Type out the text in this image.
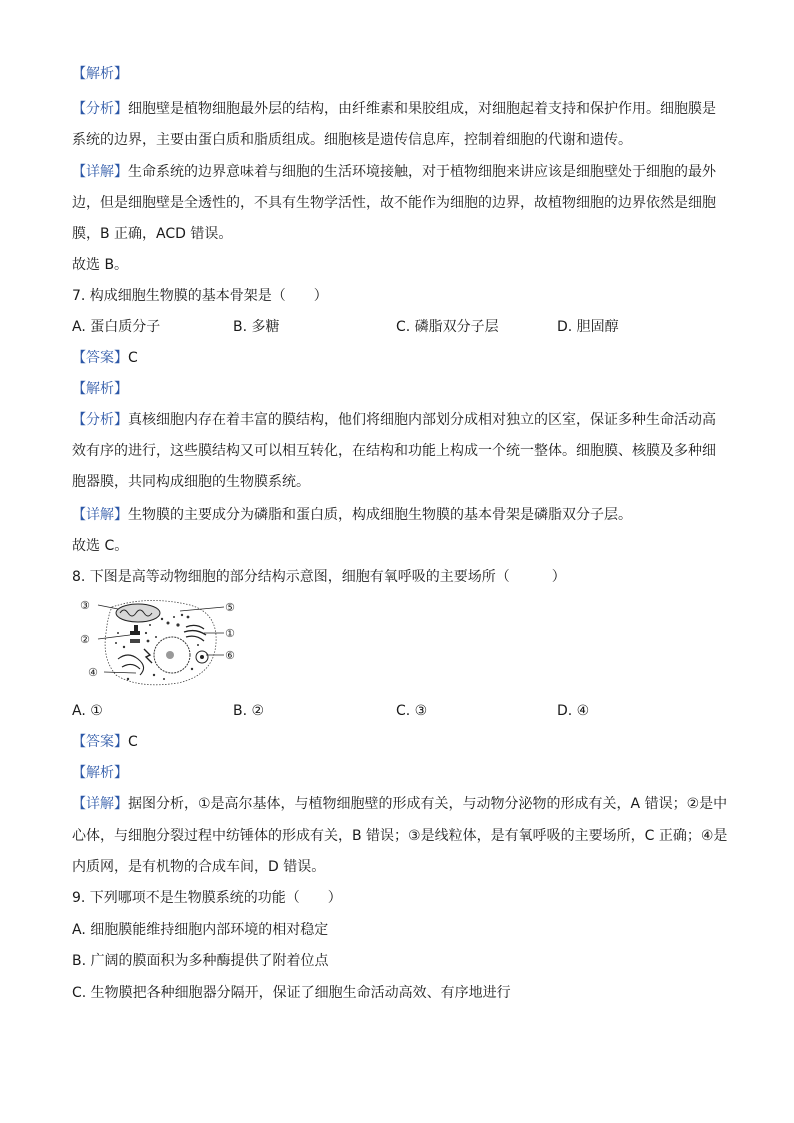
【解析】
【分析】细胞壁是植物细胞最外层的结构，由纤维素和果胶组成，对细胞起着支持和保护作用。细胞膜是
系统的边界，主要由蛋白质和脂质组成。细胞核是遗传信息库，控制着细胞的代谢和遗传。
【详解】生命系统的边界意味着与细胞的生活环境接触，对于植物细胞来讲应该是细胞壁处于细胞的最外
边，但是细胞壁是全透性的，不具有生物学活性，故不能作为细胞的边界，故植物细胞的边界依然是细胞
膜，B 正确，ACD 错误。
故选 B。
7. 构成细胞生物膜的基本骨架是（　　）
A. 蛋白质分子	B. 多糖	C. 磷脂双分子层	D. 胆固醇
【答案】C
【解析】
【分析】真核细胞内存在着丰富的膜结构，他们将细胞内部划分成相对独立的区室，保证多种生命活动高
效有序的进行，这些膜结构又可以相互转化，在结构和功能上构成一个统一整体。细胞膜、核膜及多种细
胞器膜，共同构成细胞的生物膜系统。
【详解】生物膜的主要成分为磷脂和蛋白质，构成细胞生物膜的基本骨架是磷脂双分子层。
故选 C。
8. 下图是高等动物细胞的部分结构示意图，细胞有氧呼吸的主要场所（　　　）
③
②
④
⑤
①
⑥
A. ①	B. ②	C. ③	D. ④
【答案】C
【解析】
【详解】据图分析，①是高尔基体，与植物细胞壁的形成有关，与动物分泌物的形成有关，A 错误；②是中
心体，与细胞分裂过程中纺锤体的形成有关，B 错误；③是线粒体，是有氧呼吸的主要场所，C 正确；④是
内质网，是有机物的合成车间，D 错误。
9. 下列哪项不是生物膜系统的功能（　　）
A. 细胞膜能维持细胞内部环境的相对稳定
B. 广阔的膜面积为多种酶提供了附着位点
C. 生物膜把各种细胞器分隔开，保证了细胞生命活动高效、有序地进行
